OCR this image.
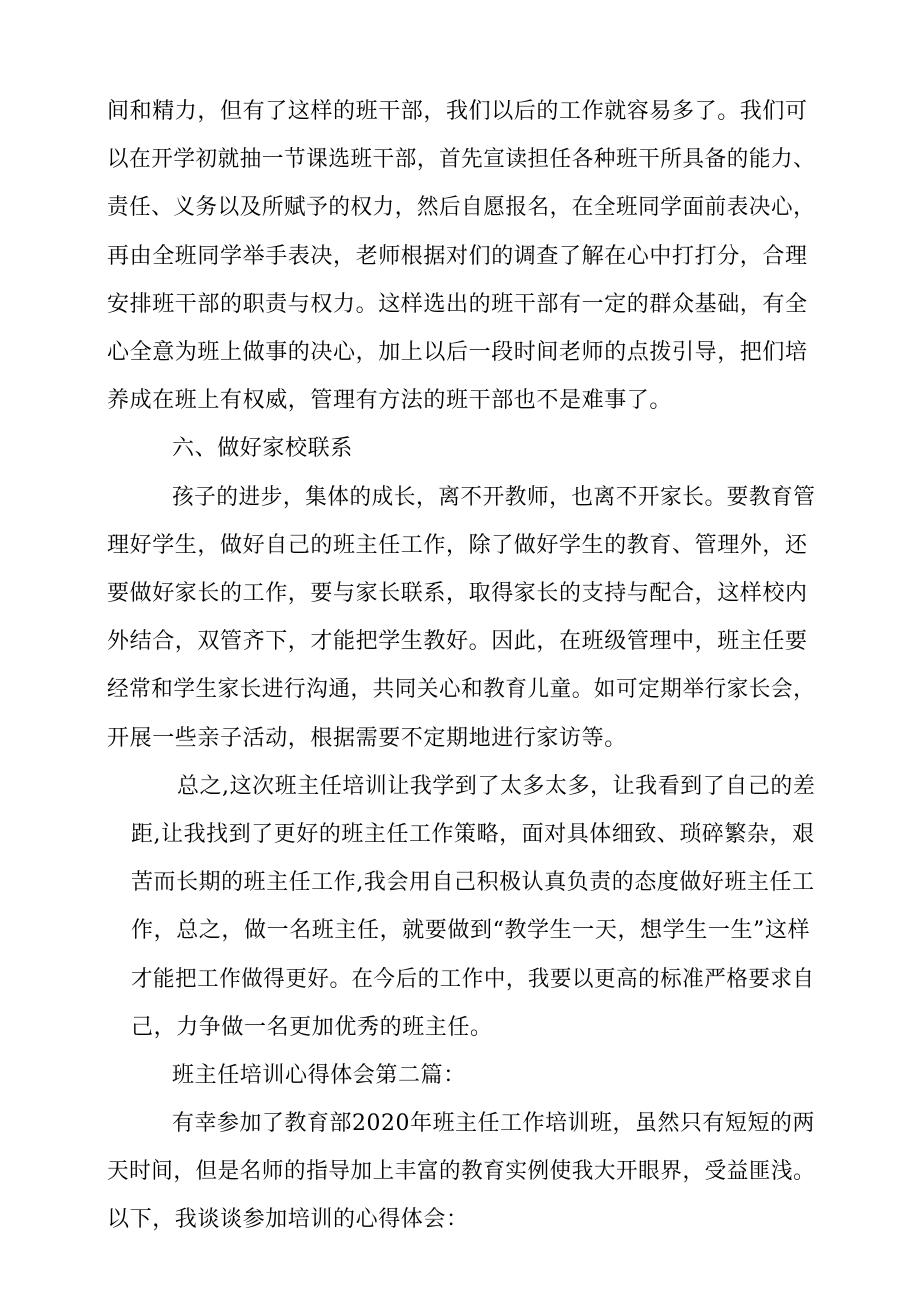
间和精力，但有了这样的班干部，我们以后的工作就容易多了。我们可
以在开学初就抽一节课选班干部，首先宣读担任各种班干所具备的能力、
责任、义务以及所赋予的权力，然后自愿报名，在全班同学面前表决心，
再由全班同学举手表决，老师根据对们的调查了解在心中打打分，合理
安排班干部的职责与权力。这样选出的班干部有一定的群众基础，有全
心全意为班上做事的决心，加上以后一段时间老师的点拨引导，把们培
养成在班上有权威，管理有方法的班干部也不是难事了。
六、做好家校联系
孩子的进步，集体的成长，离不开教师，也离不开家长。要教育管
理好学生，做好自己的班主任工作，除了做好学生的教育、管理外，还
要做好家长的工作，要与家长联系，取得家长的支持与配合，这样校内
外结合，双管齐下，才能把学生教好。因此，在班级管理中，班主任要
经常和学生家长进行沟通，共同关心和教育儿童。如可定期举行家长会，
开展一些亲子活动，根据需要不定期地进行家访等。
总之,这次班主任培训让我学到了太多太多，让我看到了自己的差
距,让我找到了更好的班主任工作策略，面对具体细致、琐碎繁杂，艰
苦而长期的班主任工作,我会用自己积极认真负责的态度做好班主任工
作，总之，做一名班主任，就要做到“教学生一天，想学生一生”这样
才能把工作做得更好。在今后的工作中，我要以更高的标准严格要求自
己，力争做一名更加优秀的班主任。
班主任培训心得体会第二篇：
有幸参加了教育部2020年班主任工作培训班，虽然只有短短的两
天时间，但是名师的指导加上丰富的教育实例使我大开眼界，受益匪浅。
以下，我谈谈参加培训的心得体会：
